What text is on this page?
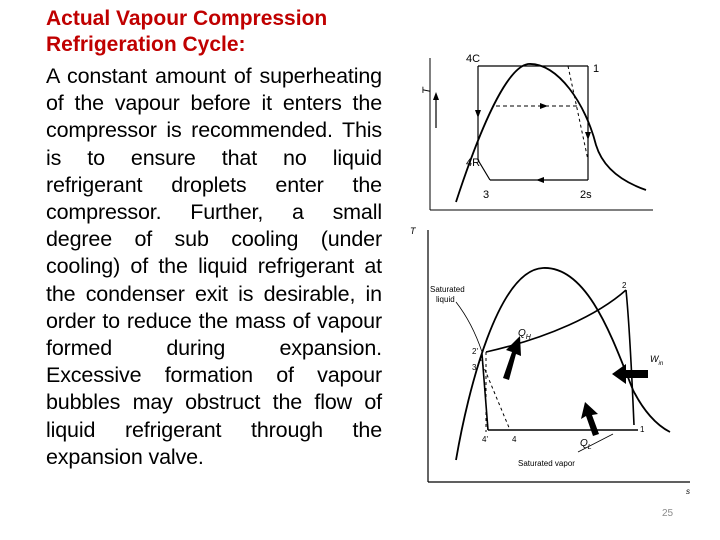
Actual Vapour Compression
Refrigeration Cycle:

A constant amount of superheating of the vapour before it enters the compressor is recommended. This is to ensure that no liquid refrigerant droplets enter the compressor. Further, a small degree of sub cooling (under cooling) of the liquid refrigerant at the condenser exit is desirable, in order to reduce the mass of vapour formed during expansion. Excessive formation of vapour bubbles may obstruct the flow of liquid refrigerant through the expansion valve.

T
4C
1
4R
3	2s
T
s
Saturated
liquid
Saturated vapor
$Q_H$
$W_{in}$
$Q_L$
2
2'
3
4'	4
1
25
